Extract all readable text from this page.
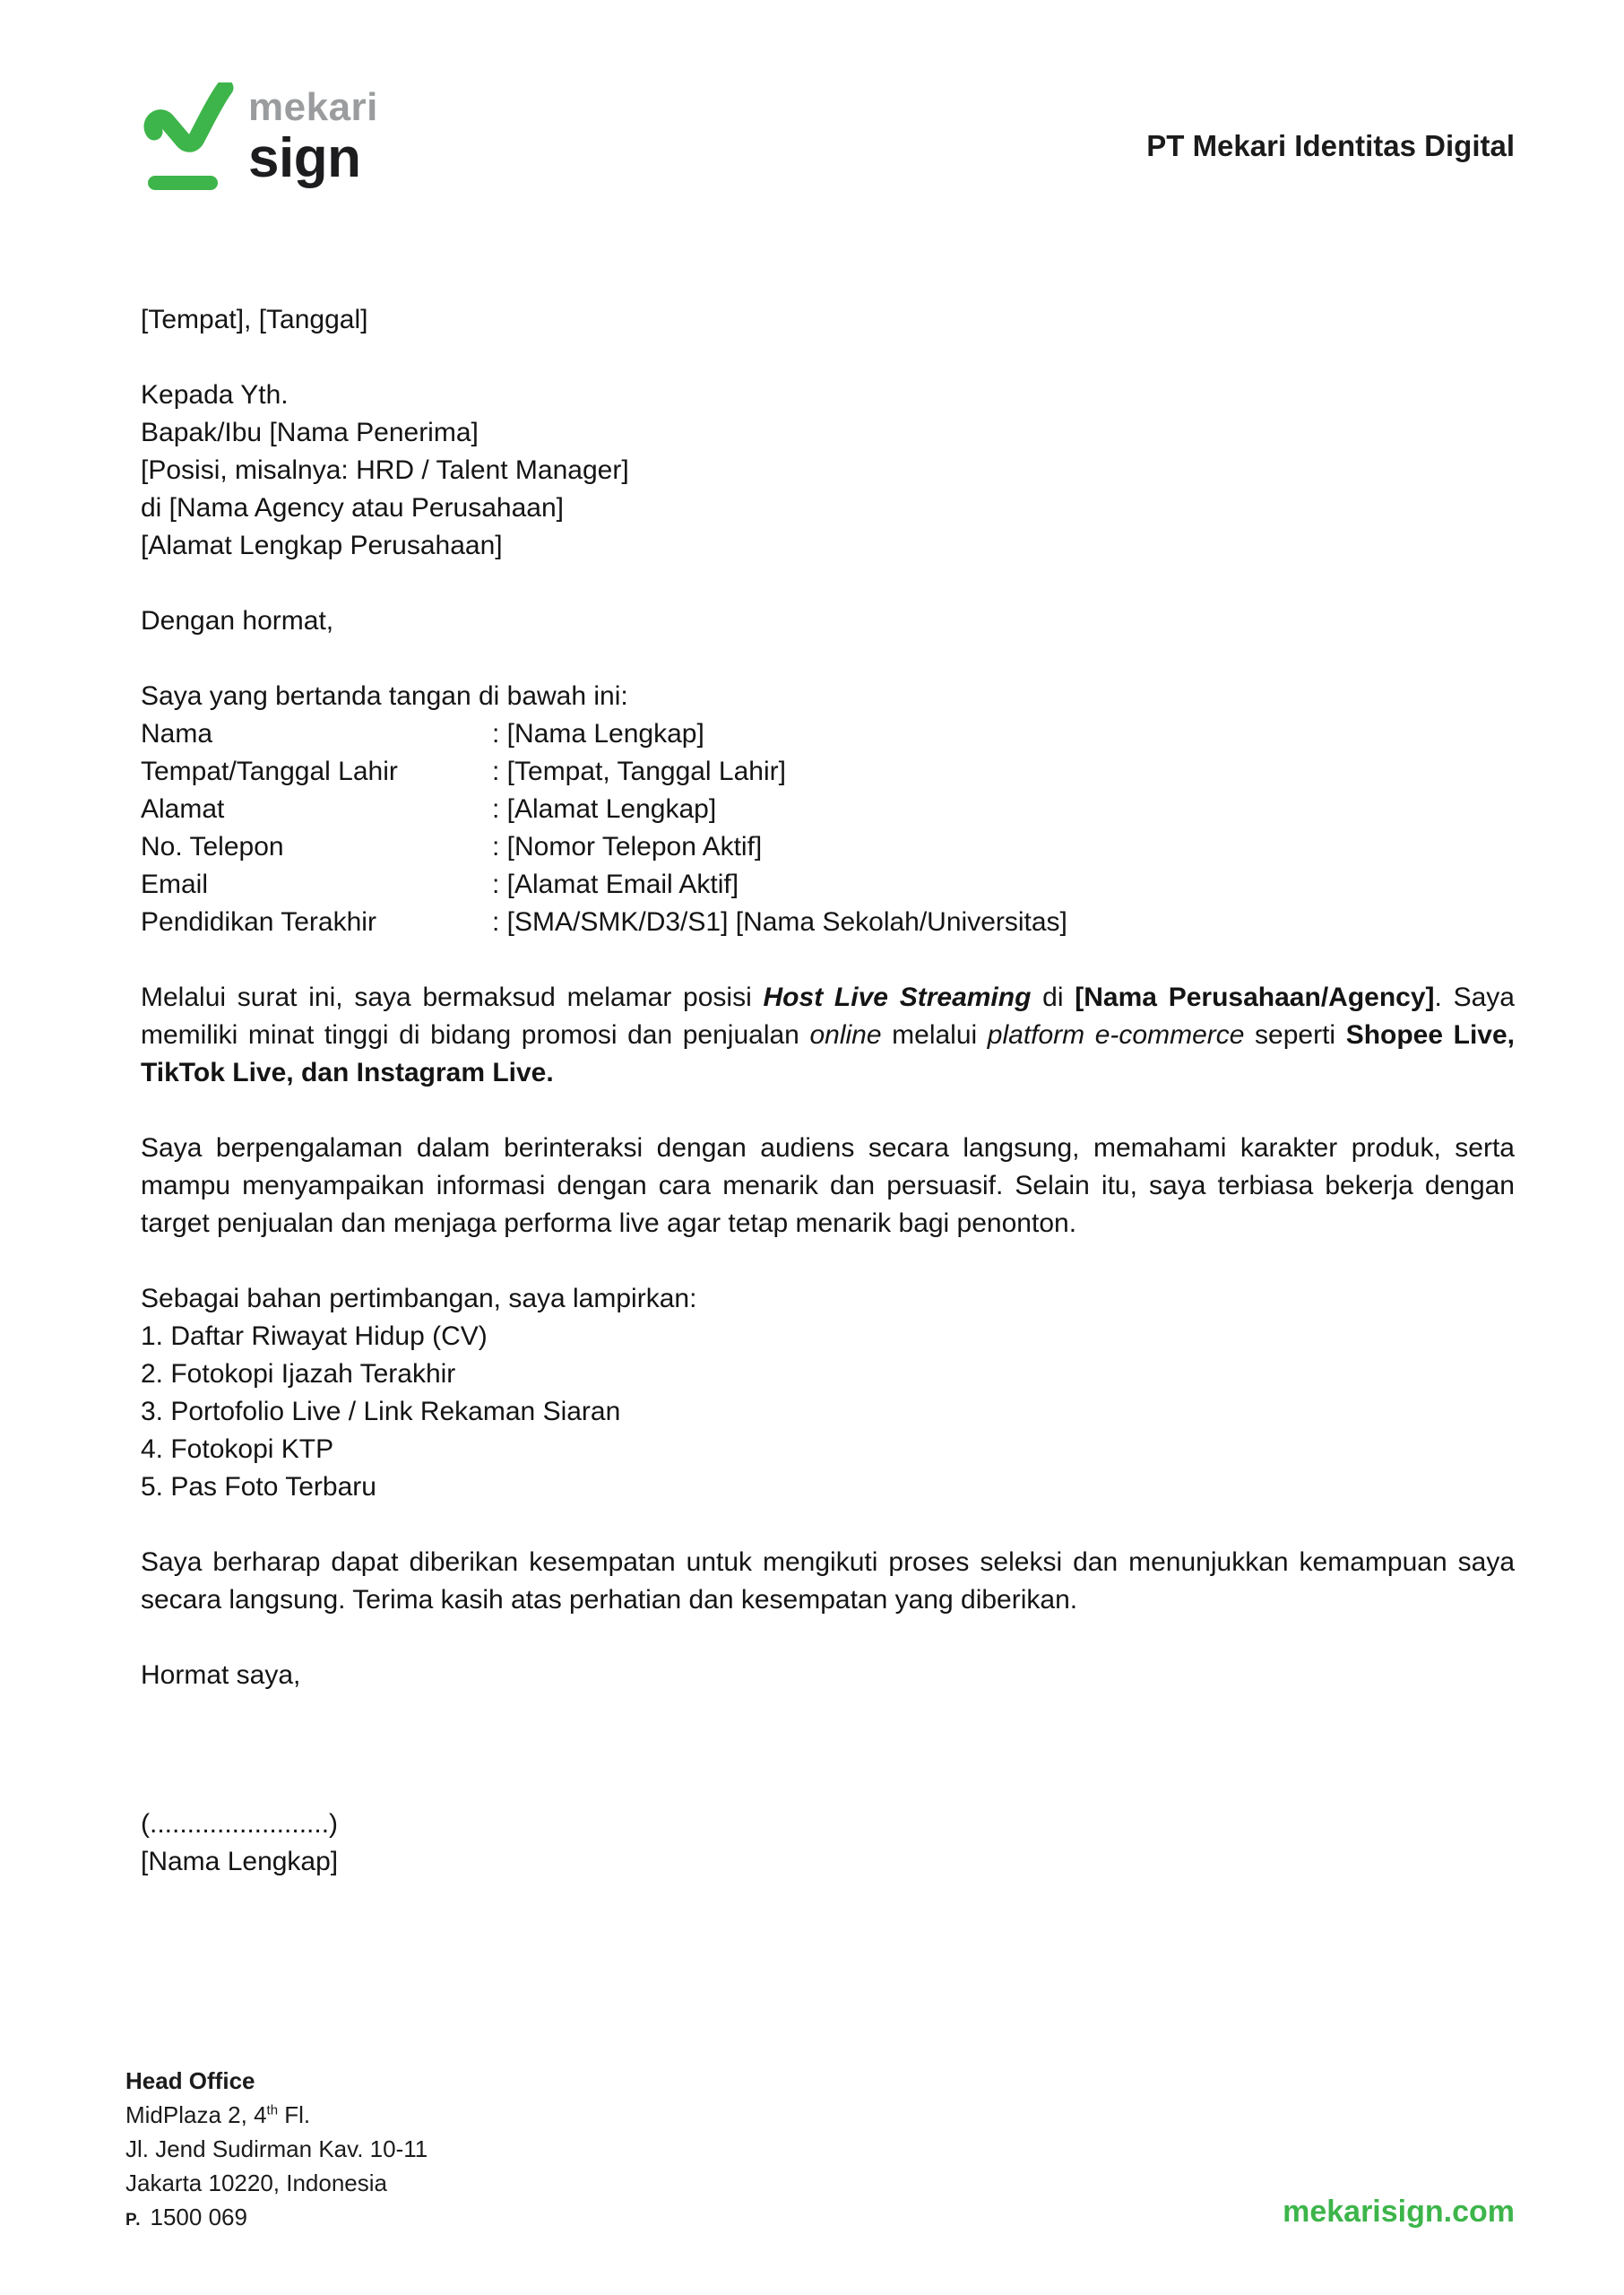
mekari
sign	PT Mekari Identitas Digital
[Tempat], [Tanggal]
Kepada Yth.
Bapak/Ibu [Nama Penerima]
[Posisi, misalnya: HRD / Talent Manager]
di [Nama Agency atau Perusahaan]
[Alamat Lengkap Perusahaan]
Dengan hormat,
Saya yang bertanda tangan di bawah ini:
Nama	: [Nama Lengkap]
Tempat/Tanggal Lahir	: [Tempat, Tanggal Lahir]
Alamat	: [Alamat Lengkap]
No. Telepon	: [Nomor Telepon Aktif]
Email	: [Alamat Email Aktif]
Pendidikan Terakhir	: [SMA/SMK/D3/S1] [Nama Sekolah/Universitas]

Melalui surat ini, saya bermaksud melamar posisi Host Live Streaming di [Nama Perusahaan/Agency]. Saya memiliki minat tinggi di bidang promosi dan penjualan online melalui platform e-commerce seperti Shopee Live, TikTok Live, dan Instagram Live.

Saya berpengalaman dalam berinteraksi dengan audiens secara langsung, memahami karakter produk, serta mampu menyampaikan informasi dengan cara menarik dan persuasif. Selain itu, saya terbiasa bekerja dengan target penjualan dan menjaga performa live agar tetap menarik bagi penonton.

Sebagai bahan pertimbangan, saya lampirkan:
1. Daftar Riwayat Hidup (CV)
2. Fotokopi Ijazah Terakhir
3. Portofolio Live / Link Rekaman Siaran
4. Fotokopi KTP
5. Pas Foto Terbaru

Saya berharap dapat diberikan kesempatan untuk mengikuti proses seleksi dan menunjukkan kemampuan saya secara langsung. Terima kasih atas perhatian dan kesempatan yang diberikan.

Hormat saya,
(........................)
[Nama Lengkap]
Head Office
MidPlaza 2, 4th Fl.
Jl. Jend Sudirman Kav. 10-11
Jakarta 10220, Indonesia
P. 1500 069	mekarisign.com
